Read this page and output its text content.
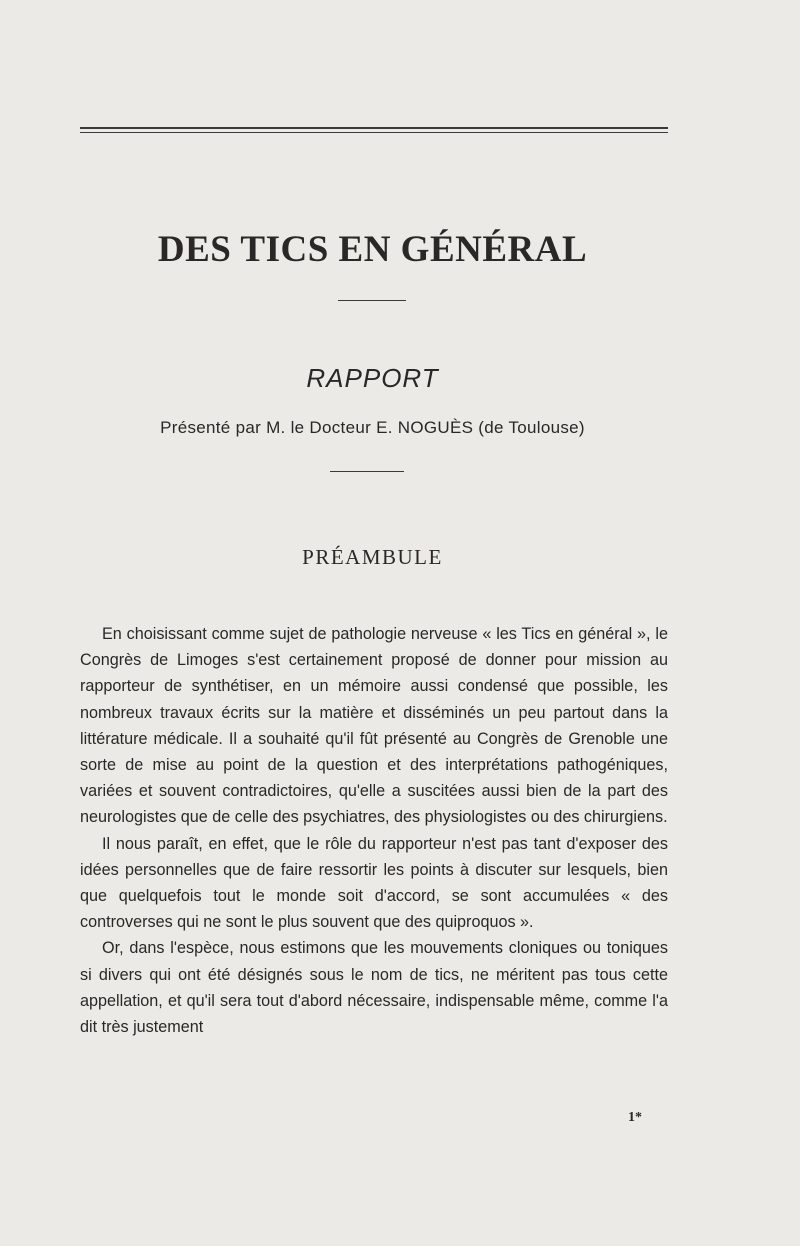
DES TICS EN GÉNÉRAL
RAPPORT
Présenté par M. le Docteur E. NOGUÈS (de Toulouse)
PRÉAMBULE

En choisissant comme sujet de pathologie nerveuse « les Tics en général », le Congrès de Limoges s'est certainement proposé de donner pour mission au rapporteur de synthétiser, en un mémoire aussi condensé que possible, les nombreux travaux écrits sur la matière et disséminés un peu partout dans la littérature médicale. Il a souhaité qu'il fût présenté au Congrès de Grenoble une sorte de mise au point de la question et des interprétations pathogéniques, variées et souvent contradictoires, qu'elle a suscitées aussi bien de la part des neurologistes que de celle des psychiatres, des physiologistes ou des chirurgiens.

Il nous paraît, en effet, que le rôle du rapporteur n'est pas tant d'exposer des idées personnelles que de faire ressortir les points à discuter sur lesquels, bien que quelquefois tout le monde soit d'accord, se sont accumulées « des controverses qui ne sont le plus souvent que des quiproquos ».

Or, dans l'espèce, nous estimons que les mouvements cloniques ou toniques si divers qui ont été désignés sous le nom de tics, ne méritent pas tous cette appellation, et qu'il sera tout d'abord nécessaire, indispensable même, comme l'a dit très justement

1*
